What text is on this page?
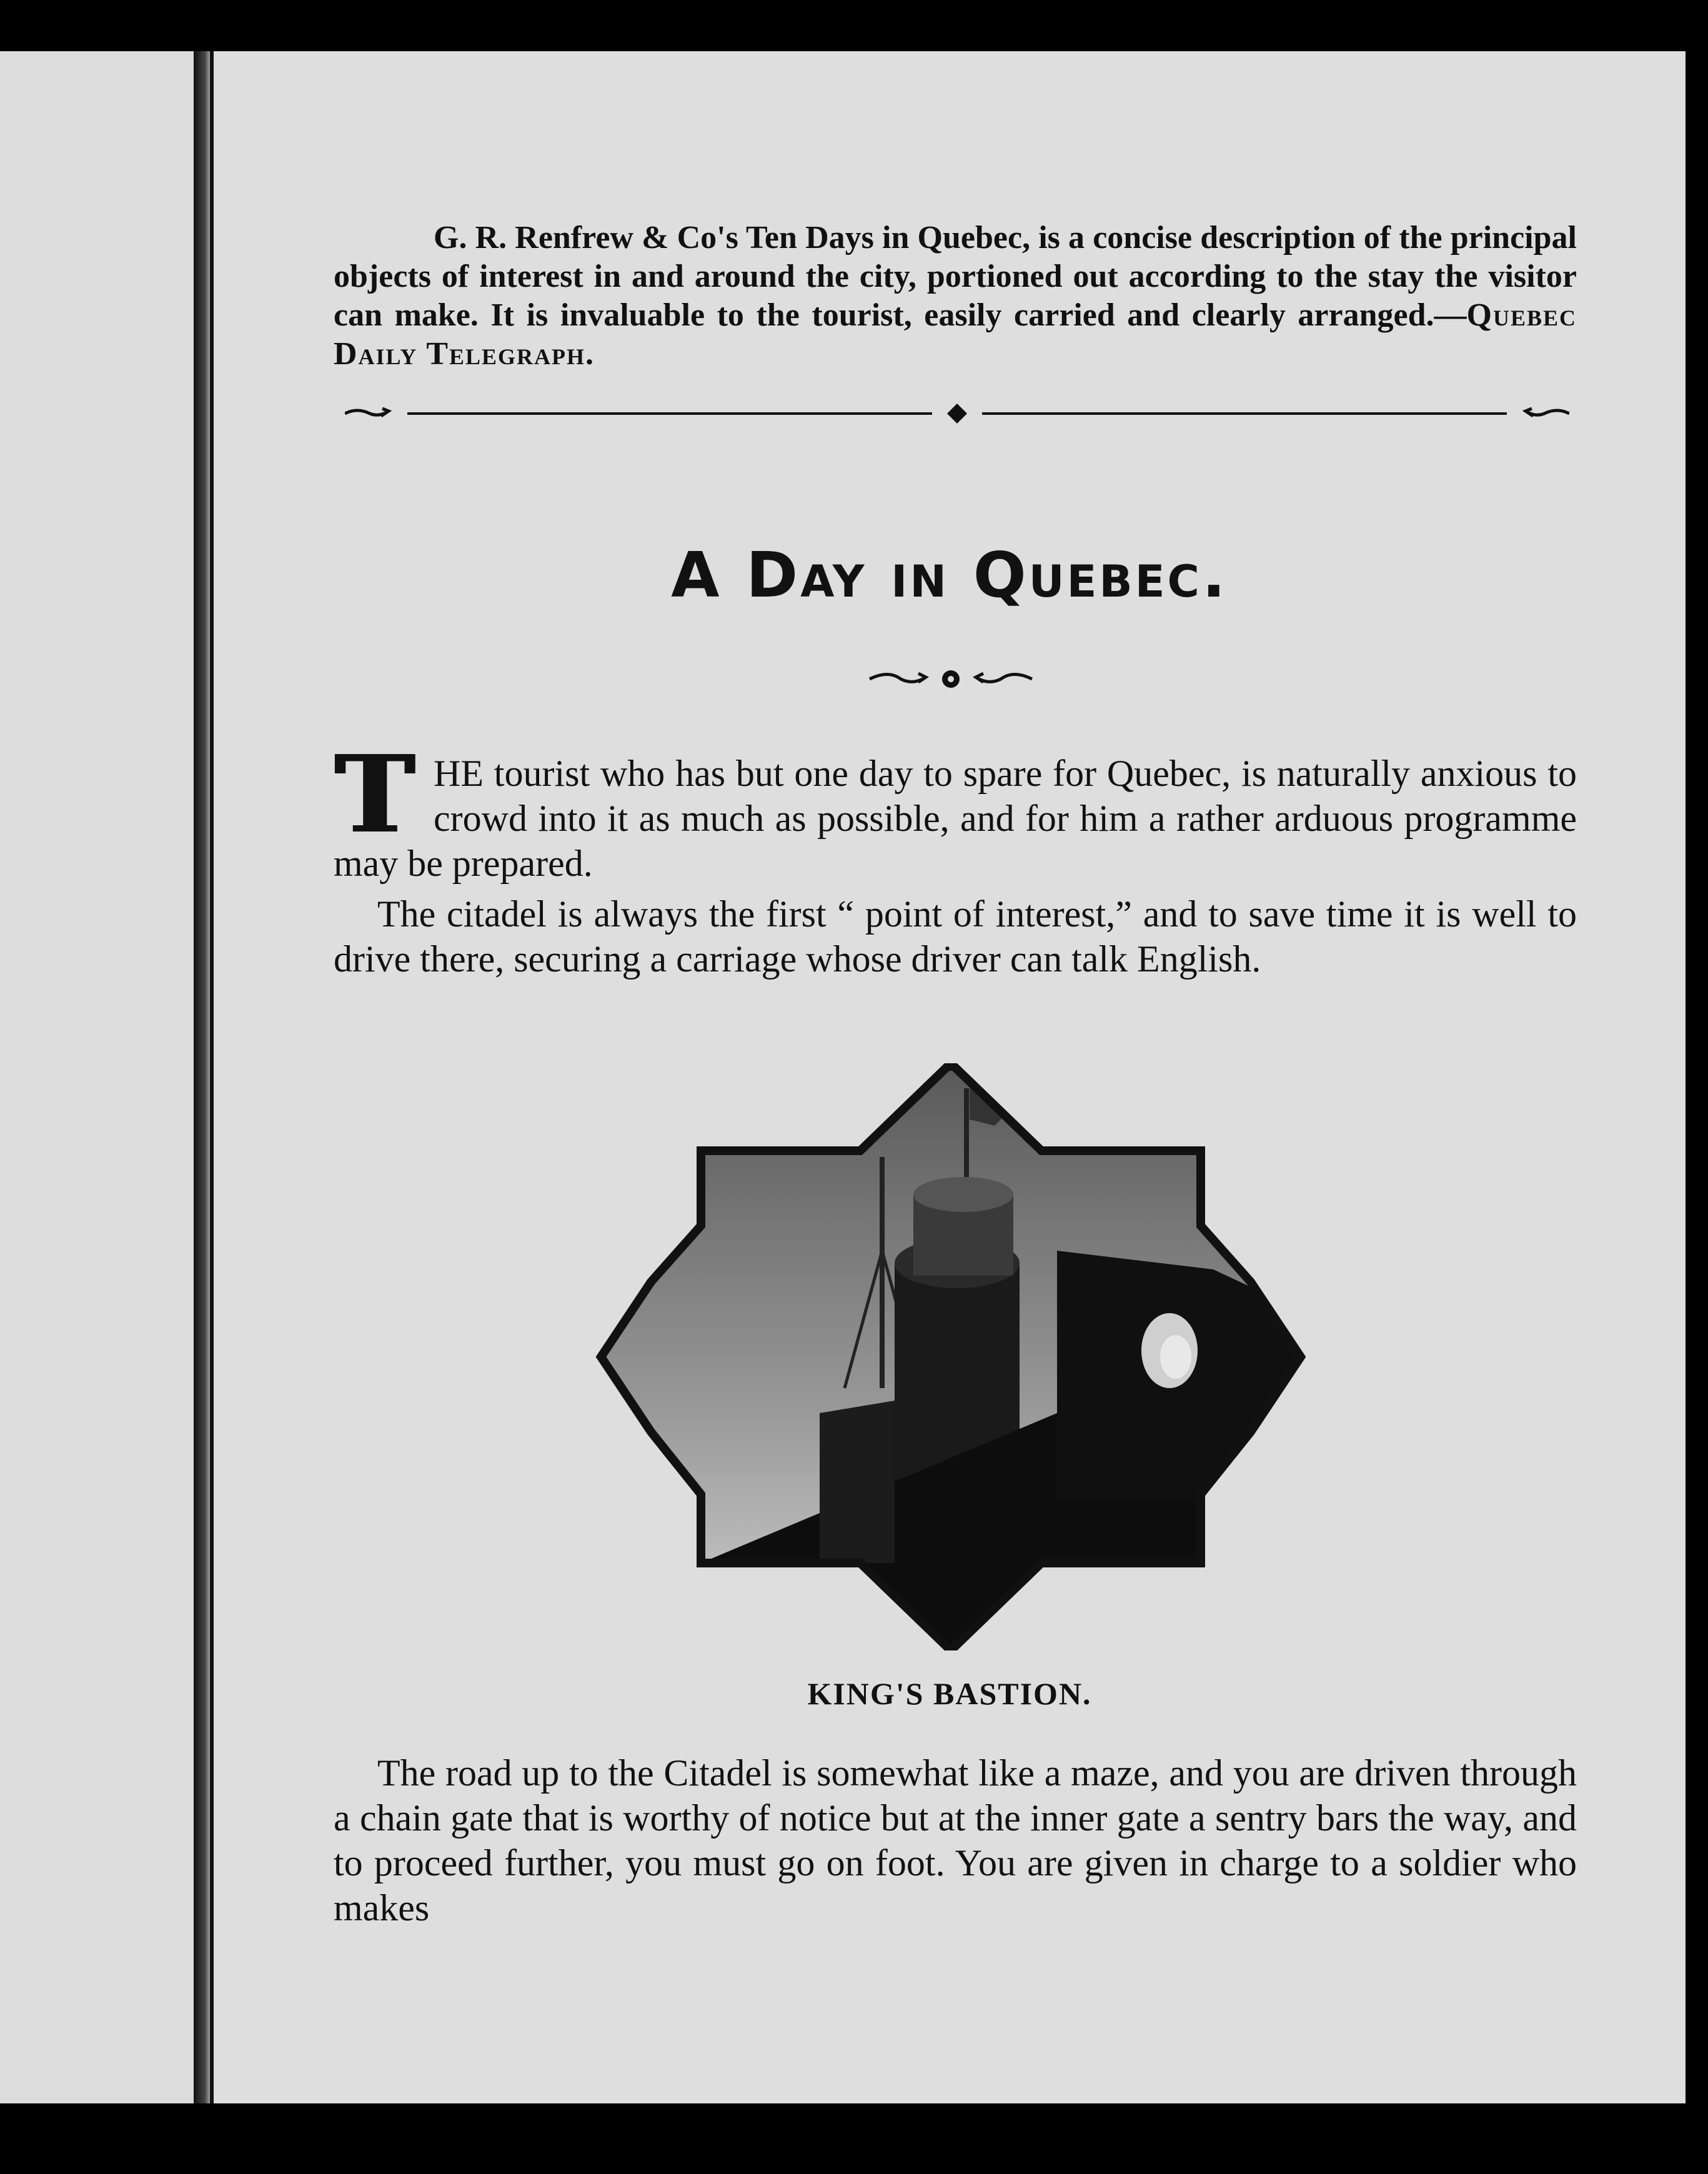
G. R. Renfrew & Co's Ten Days in Quebec, is a concise description of the principal objects of interest in and around the city, portioned out according to the stay the visitor can make. It is invaluable to the tourist, easily carried and clearly arranged.—Quebec Daily Telegraph.
A Day in Quebec.
THE tourist who has but one day to spare for Quebec, is naturally anxious to crowd into it as much as possible, and for him a rather arduous programme may be prepared.
The citadel is always the first “ point of interest,” and to save time it is well to drive there, securing a carriage whose driver can talk English.
KING'S BASTION.
The road up to the Citadel is somewhat like a maze, and you are driven through a chain gate that is worthy of notice but at the inner gate a sentry bars the way, and to proceed further, you must go on foot. You are given in charge to a soldier who makes
